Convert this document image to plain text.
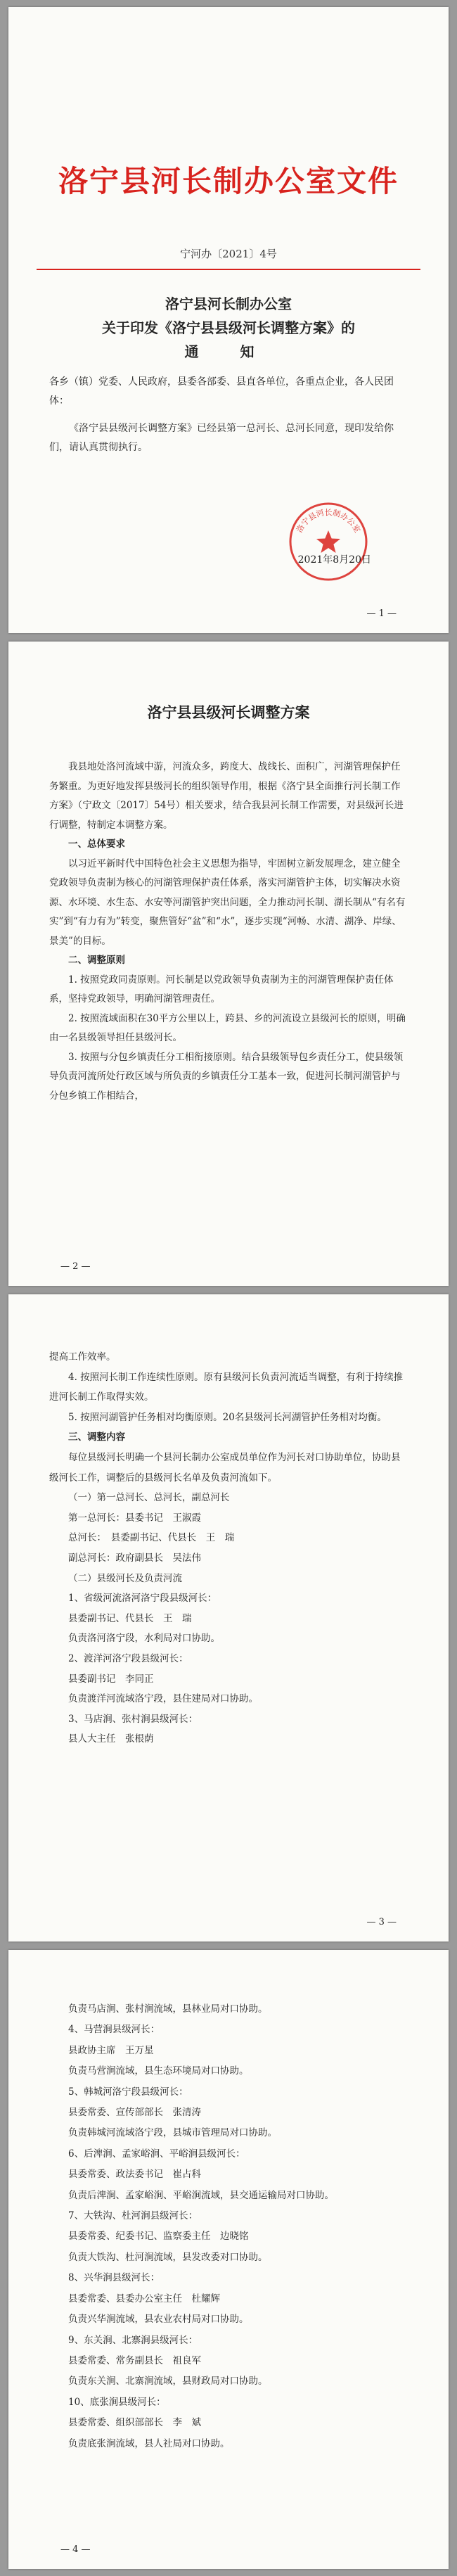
洛宁县河长制办公室文件
宁河办〔2021〕4号
洛宁县河长制办公室
关于印发《洛宁县县级河长调整方案》的
通 知

各乡（镇）党委、人民政府，县委各部委、县直各单位，各重点企业，各人民团体：

《洛宁县县级河长调整方案》已经县第一总河长、总河长同意，现印发给你们，请认真贯彻执行。

洛宁县河长制办公室
2021年8月20日
— 1 —
洛宁县县级河长调整方案

我县地处洛河流域中游，河流众多，跨度大、战线长、面积广，河湖管理保护任务繁重。为更好地发挥县级河长的组织领导作用，根据《洛宁县全面推行河长制工作方案》（宁政文〔2017〕54号）相关要求，结合我县河长制工作需要，对县级河长进行调整，特制定本调整方案。

一、总体要求

以习近平新时代中国特色社会主义思想为指导，牢固树立新发展理念，建立健全党政领导负责制为核心的河湖管理保护责任体系，落实河湖管护主体，切实解决水资源、水环境、水生态、水安等河湖管护突出问题，全力推动河长制、湖长制从“有名有实”到“有力有为”转变，聚焦管好“盆”和“水”，逐步实现“河畅、水清、湖净、岸绿、景美”的目标。

二、调整原则

1. 按照党政同责原则。河长制是以党政领导负责制为主的河湖管理保护责任体系，坚持党政领导，明确河湖管理责任。

2. 按照流域面积在30平方公里以上，跨县、乡的河流设立县级河长的原则，明确由一名县级领导担任县级河长。

3. 按照与分包乡镇责任分工相衔接原则。结合县级领导包乡责任分工，使县级领导负责河流所处行政区域与所负责的乡镇责任分工基本一致，促进河长制河湖管护与分包乡镇工作相结合，

— 2 —

提高工作效率。

4. 按照河长制工作连续性原则。原有县级河长负责河流适当调整，有利于持续推进河长制工作取得实效。

5. 按照河湖管护任务相对均衡原则。20名县级河长河湖管护任务相对均衡。

三、调整内容

每位县级河长明确一个县河长制办公室成员单位作为河长对口协助单位，协助县级河长工作，调整后的县级河长名单及负责河流如下。

（一）第一总河长、总河长，副总河长

第一总河长：县委书记　王淑霞

总河长：　县委副书记、代县长　王　瑞

副总河长：政府副县长　吴法伟

（二）县级河长及负责河流

1、省级河流洛河洛宁段县级河长：

县委副书记、代县长　王　瑞

负责洛河洛宁段，水利局对口协助。

2、渡洋河洛宁段县级河长：

县委副书记　李同正

负责渡洋河流域洛宁段，县住建局对口协助。

3、马店涧、张村涧县级河长：

县人大主任　张根荫

— 3 —

负责马店涧、张村涧流域，县林业局对口协助。

4、马营涧县级河长：

县政协主席　王万星

负责马营涧流域，县生态环境局对口协助。

5、韩城河洛宁段县级河长：

县委常委、宣传部部长　张清涛

负责韩城河流域洛宁段，县城市管理局对口协助。

6、后渒涧、孟家峪涧、平峪涧县级河长：

县委常委、政法委书记　崔占科

负责后渒涧、孟家峪涧、平峪涧流域，县交通运输局对口协助。

7、大铁沟、杜河涧县级河长：

县委常委、纪委书记、监察委主任　边晓铭

负责大铁沟、杜河涧流域，县发改委对口协助。

8、兴华涧县级河长：

县委常委、县委办公室主任　杜耀辉

负责兴华涧流域，县农业农村局对口协助。

9、东关涧、北寨涧县级河长：

县委常委、常务副县长　祖良军

负责东关涧、北寨涧流域，县财政局对口协助。

10、底张涧县级河长：

县委常委、组织部部长　李　斌

负责底张涧流域，县人社局对口协助。

— 4 —
